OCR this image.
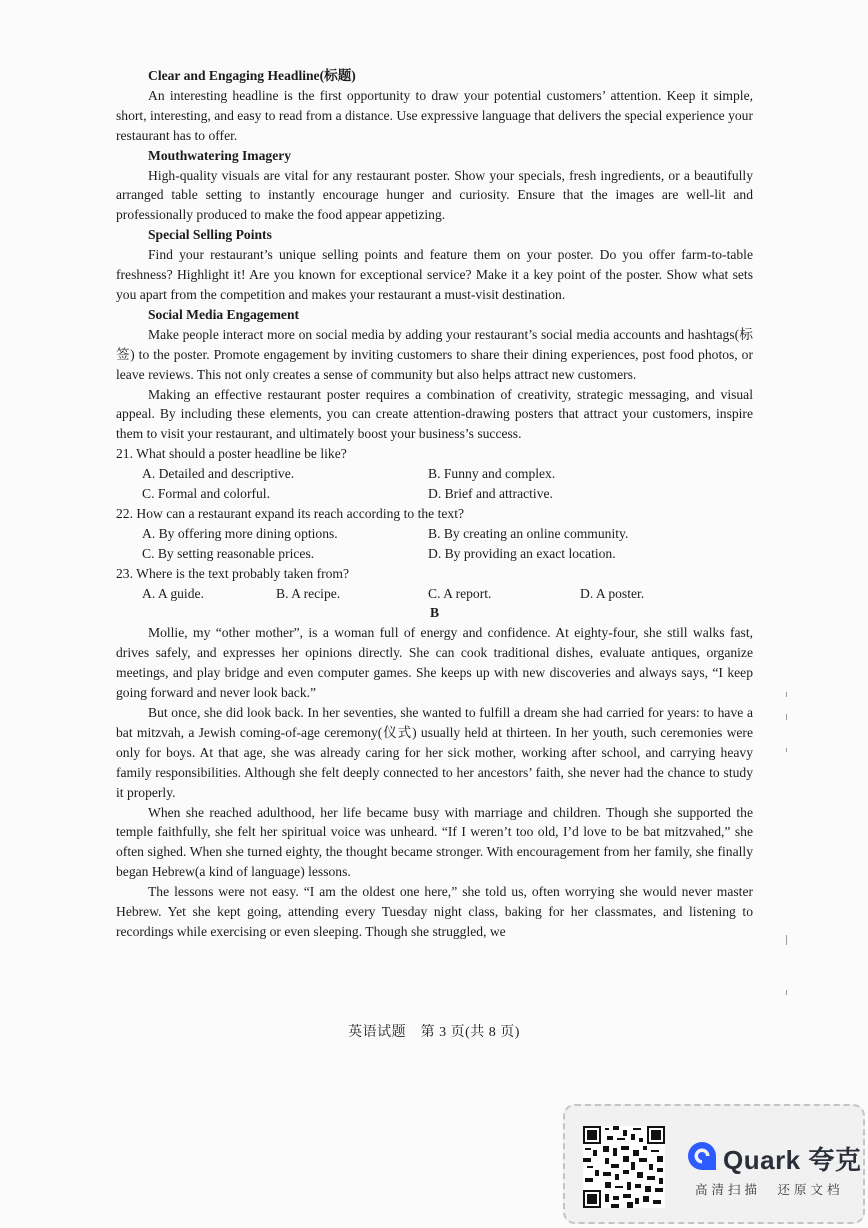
Clear and Engaging Headline(标题)

An interesting headline is the first opportunity to draw your potential customers’ attention. Keep it simple, short, interesting, and easy to read from a distance. Use expressive language that delivers the special experience your restaurant has to offer.

Mouthwatering Imagery

High-quality visuals are vital for any restaurant poster. Show your specials, fresh ingredients, or a beautifully arranged table setting to instantly encourage hunger and curiosity. Ensure that the images are well-lit and professionally produced to make the food appear appetizing.

Special Selling Points

Find your restaurant’s unique selling points and feature them on your poster. Do you offer farm-to-table freshness? Highlight it! Are you known for exceptional service? Make it a key point of the poster. Show what sets you apart from the competition and makes your restaurant a must-visit destination.

Social Media Engagement

Make people interact more on social media by adding your restaurant’s social media accounts and hashtags(标签) to the poster. Promote engagement by inviting customers to share their dining experiences, post food photos, or leave reviews. This not only creates a sense of community but also helps attract new customers.

Making an effective restaurant poster requires a combination of creativity, strategic messaging, and visual appeal. By including these elements, you can create attention-drawing posters that attract your customers, inspire them to visit your restaurant, and ultimately boost your business’s success.

21. What should a poster headline be like?

A. Detailed and descriptive.	B. Funny and complex.
C. Formal and colorful.	D. Brief and attractive.

22. How can a restaurant expand its reach according to the text?

A. By offering more dining options.	B. By creating an online community.
C. By setting reasonable prices.	D. By providing an exact location.

23. Where is the text probably taken from?

A. A guide.	B. A recipe.	C. A report.	D. A poster.

B

Mollie, my “other mother”, is a woman full of energy and confidence. At eighty-four, she still walks fast, drives safely, and expresses her opinions directly. She can cook traditional dishes, evaluate antiques, organize meetings, and play bridge and even computer games. She keeps up with new discoveries and always says, “I keep going forward and never look back.”

But once, she did look back. In her seventies, she wanted to fulfill a dream she had carried for years: to have a bat mitzvah, a Jewish coming-of-age ceremony(仪式) usually held at thirteen. In her youth, such ceremonies were only for boys. At that age, she was already caring for her sick mother, working after school, and carrying heavy family responsibilities. Although she felt deeply connected to her ancestors’ faith, she never had the chance to study it properly.

When she reached adulthood, her life became busy with marriage and children. Though she supported the temple faithfully, she felt her spiritual voice was unheard. “If I weren’t too old, I’d love to be bat mitzvahed,” she often sighed. When she turned eighty, the thought became stronger. With encouragement from her family, she finally began Hebrew(a kind of language) lessons.

The lessons were not easy. “I am the oldest one here,” she told us, often worrying she would never master Hebrew. Yet she kept going, attending every Tuesday night class, baking for her classmates, and listening to recordings while exercising or even sleeping. Though she struggled, we

英语试题　第 3 页(共 8 页)
Quark 夸克
高清扫描　还原文档
